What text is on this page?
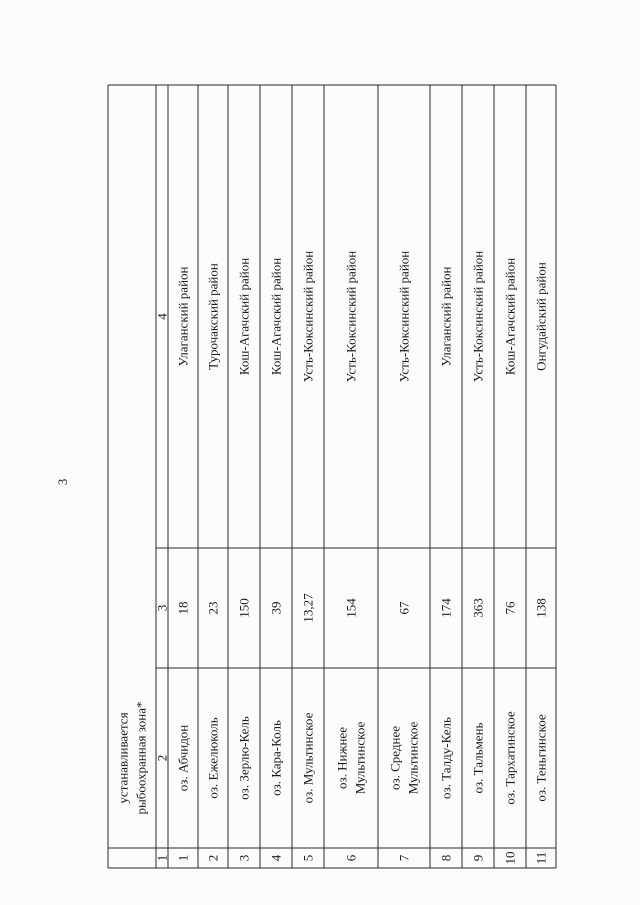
3
устанавливается рыбоохранная зона*
1
2
3
4
1
оз. Абчидон
18
Улаганский район
2
оз. Ежелюколь
23
Турочакский район
3
оз. Зерлю-Кель
150
Кош-Агачский район
4
оз. Кара-Коль
39
Кош-Агачский район
5
оз. Мультинское
13,27
Усть-Коксинский район
6
оз. Нижнее Мультинское
154
Усть-Коксинский район
7
оз. Среднее Мультинское
67
Усть-Коксинский район
8
оз. Талду-Кель
174
Улаганский район
9
оз. Тальмень
363
Усть-Коксинский район
10
оз. Тархатинское
76
Кош-Агачский район
11
оз. Теньгинское
138
Онгудайский район
